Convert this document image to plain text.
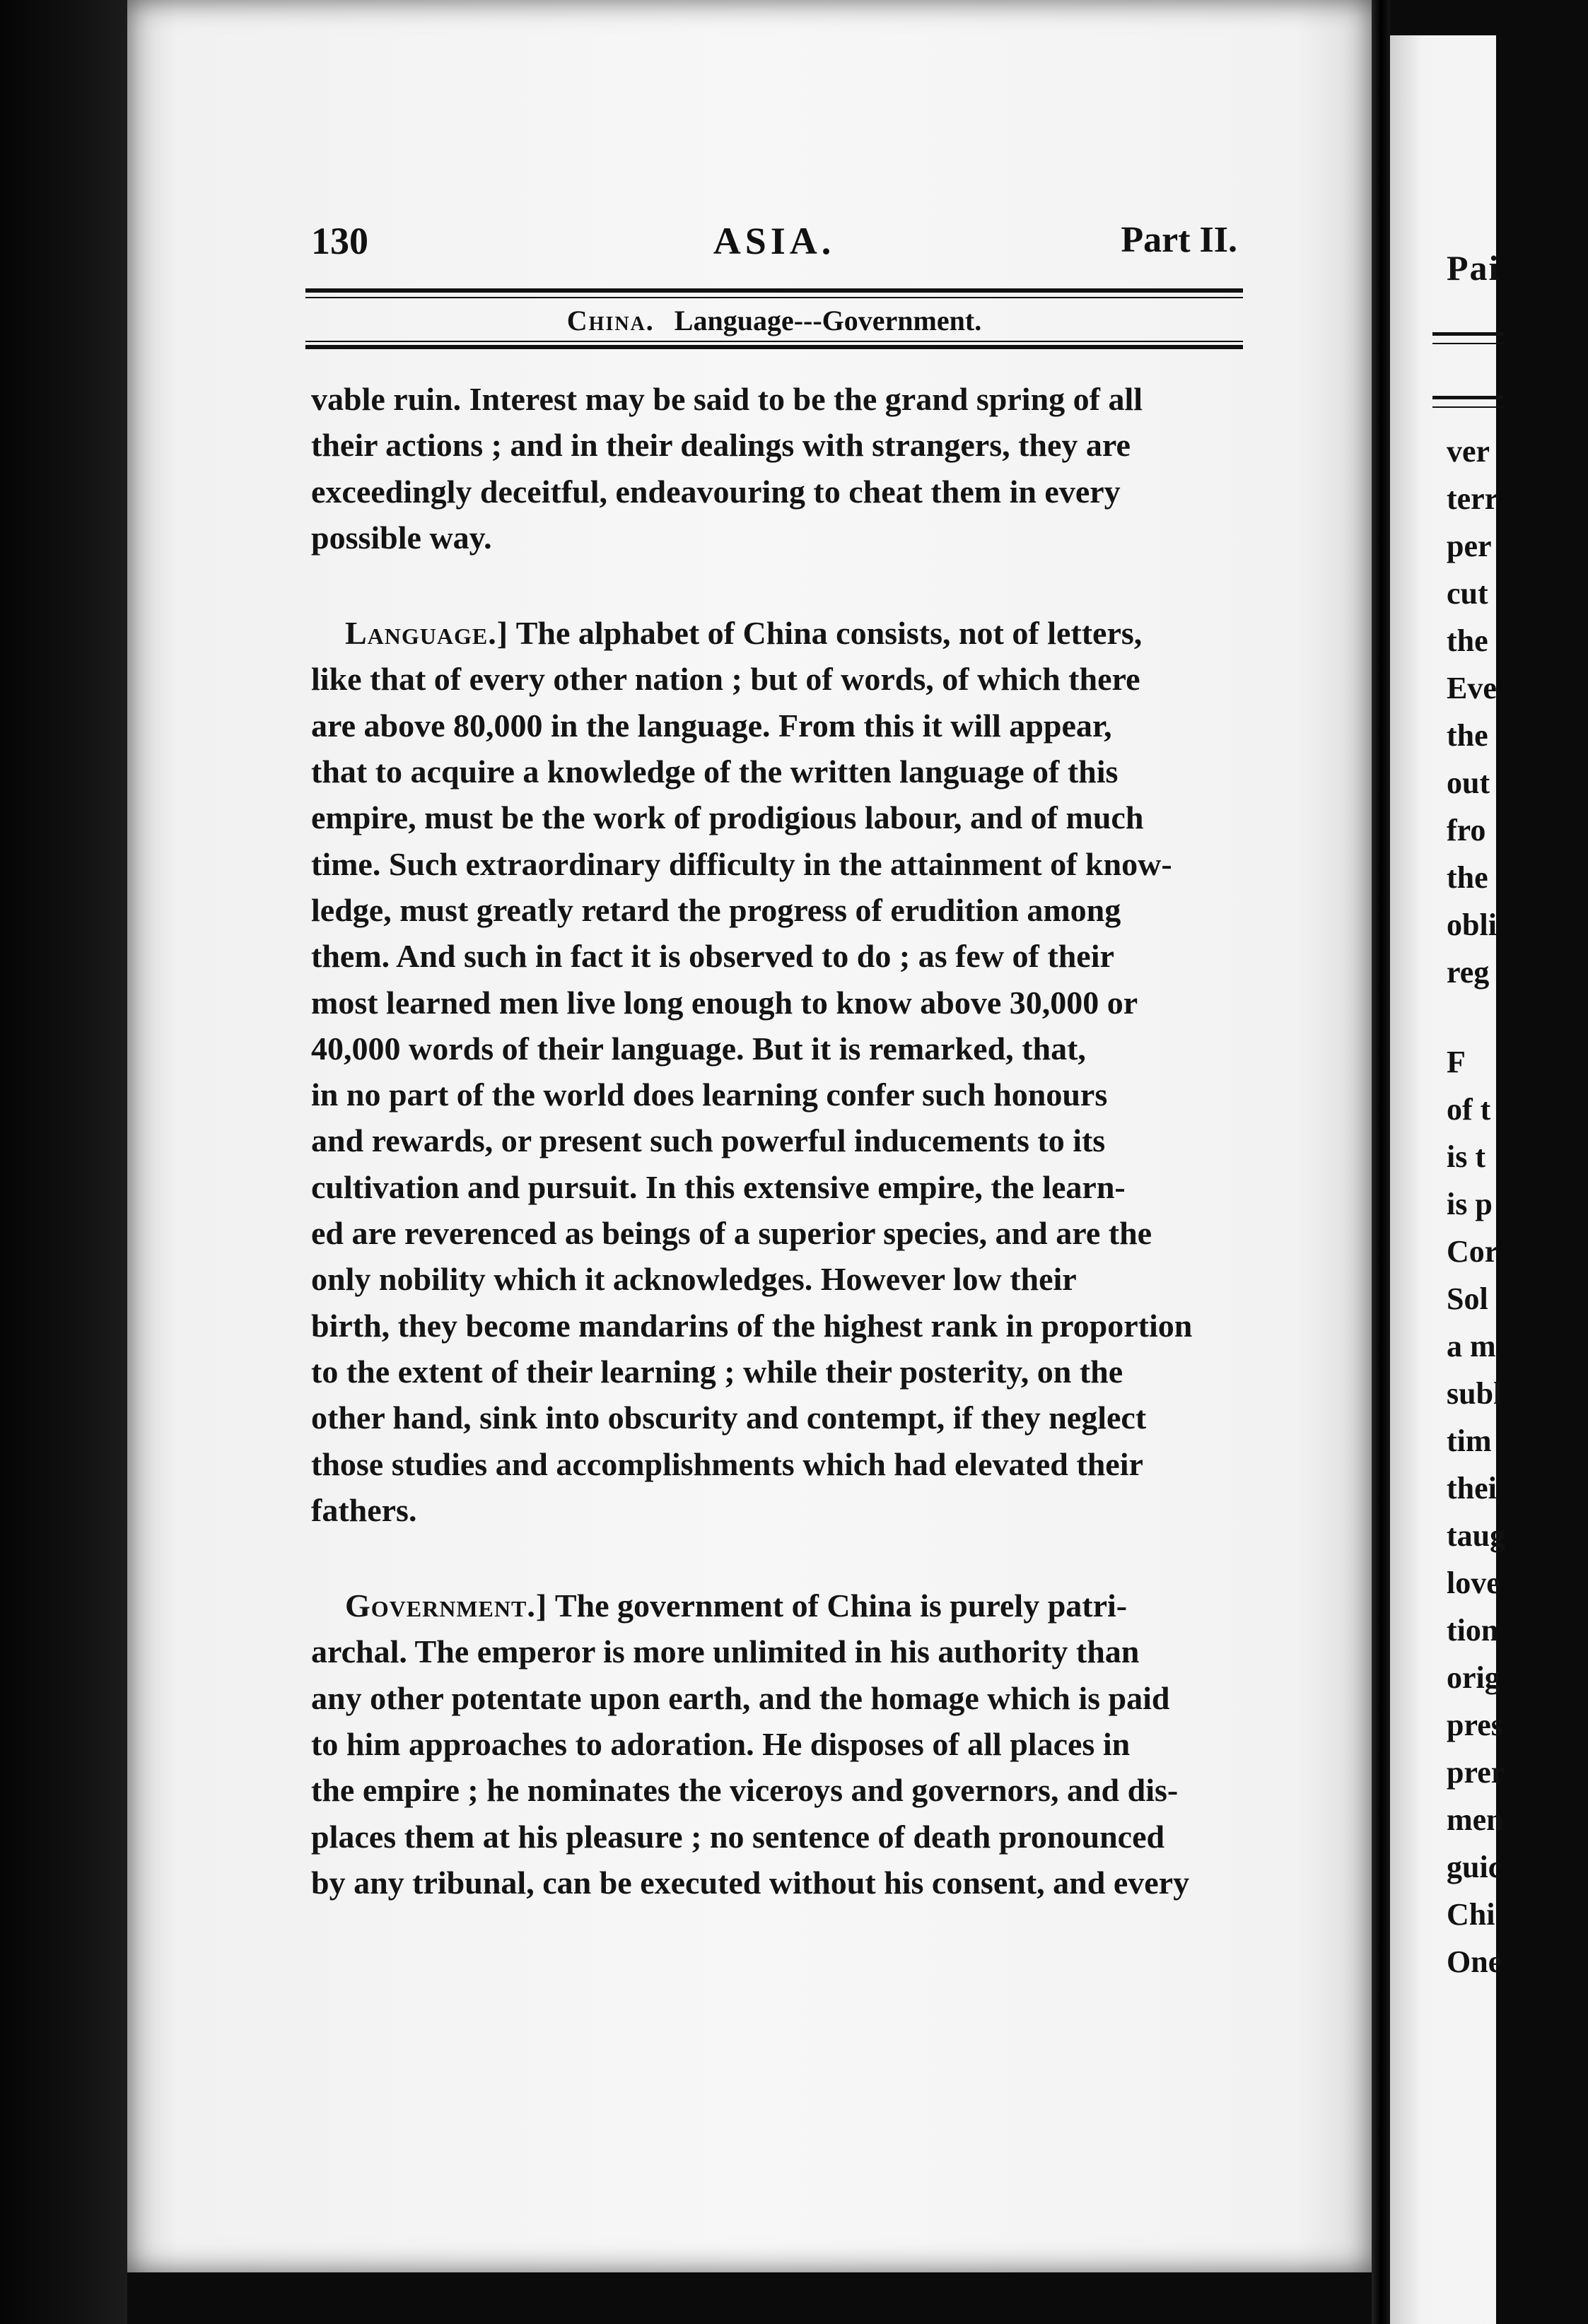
130	ASIA.	Part II.
China. Language---Government.
vable ruin. Interest may be said to be the grand spring of all
their actions ; and in their dealings with strangers, they are
exceedingly deceitful, endeavouring to cheat them in every
possible way.
Language.] The alphabet of China consists, not of letters,
like that of every other nation ; but of words, of which there
are above 80,000 in the language. From this it will appear,
that to acquire a knowledge of the written language of this
empire, must be the work of prodigious labour, and of much
time. Such extraordinary difficulty in the attainment of know-
ledge, must greatly retard the progress of erudition among
them. And such in fact it is observed to do ; as few of their
most learned men live long enough to know above 30,000 or
40,000 words of their language. But it is remarked, that,
in no part of the world does learning confer such honours
and rewards, or present such powerful inducements to its
cultivation and pursuit. In this extensive empire, the learn-
ed are reverenced as beings of a superior species, and are the
only nobility which it acknowledges. However low their
birth, they become mandarins of the highest rank in proportion
to the extent of their learning ; while their posterity, on the
other hand, sink into obscurity and contempt, if they neglect
those studies and accomplishments which had elevated their
fathers.
Government.] The government of China is purely patri-
archal. The emperor is more unlimited in his authority than
any other potentate upon earth, and the homage which is paid
to him approaches to adoration. He disposes of all places in
the empire ; he nominates the viceroys and governors, and dis-
places them at his pleasure ; no sentence of death pronounced
by any tribunal, can be executed without his consent, and every
Pai
ver
terr
per
cut
the
Eve
the
out
fro
the
obli
reg
F
of t
is t
is p
Cor
Sol
a m
subl
tim
thei
taug
love
tion
orig
pres
prer
men
guic
Chi
One
